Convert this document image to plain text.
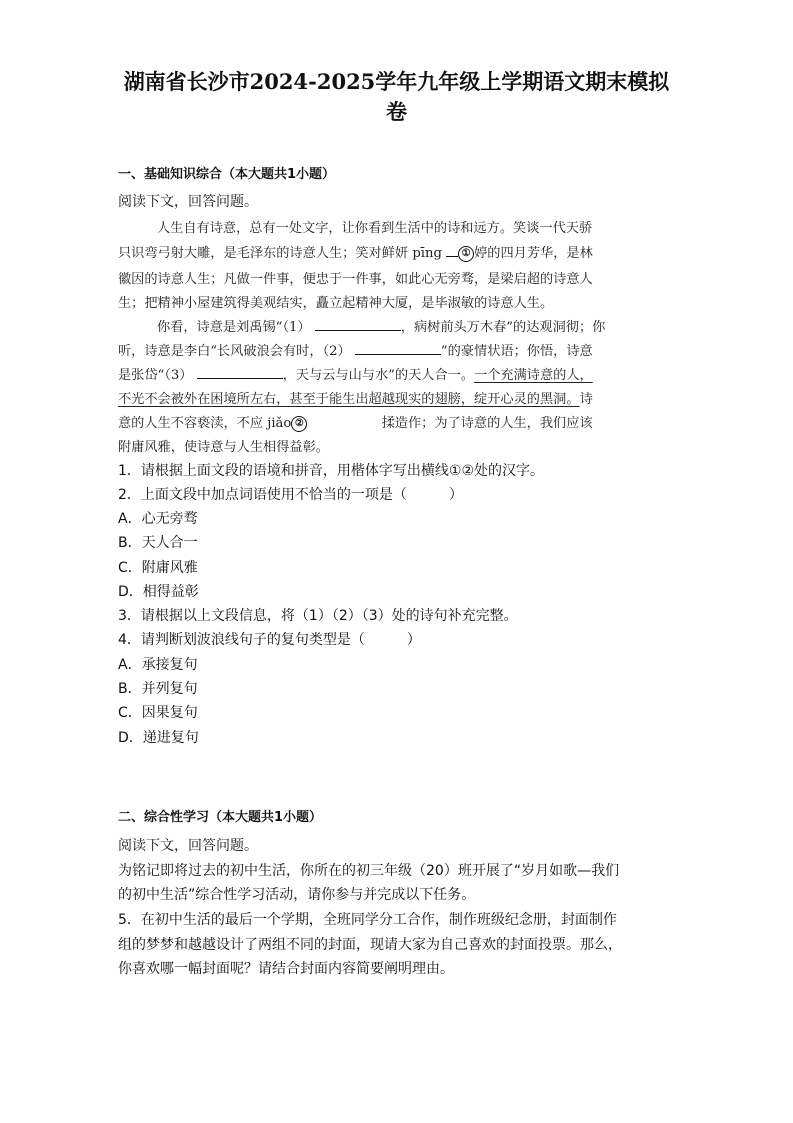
湖南省长沙市2024-2025学年九年级上学期语文期末模拟
卷
一、基础知识综合（本大题共1小题）
阅读下文，回答问题。
人生自有诗意，总有一处文字，让你看到生活中的诗和远方。笑谈一代天骄
只识弯弓射大雕，是毛泽东的诗意人生；笑对鲜妍 pīng ① 婷的四月芳华，是林
徽因的诗意人生；凡做一件事，便忠于一件事，如此心无旁骛，是梁启超的诗意人
生；把精神小屋建筑得美观结实，矗立起精神大厦，是毕淑敏的诗意人生。
你看，诗意是刘禹锡“（1）	，病树前头万木春”的达观洞彻；你
听，诗意是李白“长风破浪会有时，（2）	”的豪情状语；你悟，诗意
是张岱“（3）	，天与云与山与水”的天人合一。一个充满诗意的人，
不光不会被外在困境所左右，甚至于能生出超越现实的翅膀，绽开心灵的黑洞。诗
意的人生不容亵渎，不应 jiǎo ②	揉造作；为了诗意的人生，我们应该
附庸风雅，使诗意与人生相得益彰。
1．请根据上面文段的语境和拼音，用楷体字写出横线①②处的汉字。
2．上面文段中加点词语使用不恰当的一项是（　　　）
A．心无旁骛
B．天人合一
C．附庸风雅
D．相得益彰
3．请根据以上文段信息，将（1）（2）（3）处的诗句补充完整。
4．请判断划波浪线句子的复句类型是（　　　）
A．承接复句
B．并列复句
C．因果复句
D．递进复句
二、综合性学习（本大题共1小题）
阅读下文，回答问题。
为铭记即将过去的初中生活，你所在的初三年级（20）班开展了“岁月如歌—我们
的初中生活”综合性学习活动，请你参与并完成以下任务。
5．在初中生活的最后一个学期，全班同学分工合作，制作班级纪念册，封面制作
组的梦梦和越越设计了两组不同的封面，现请大家为自己喜欢的封面投票。那么，
你喜欢哪一幅封面呢？请结合封面内容简要阐明理由。
